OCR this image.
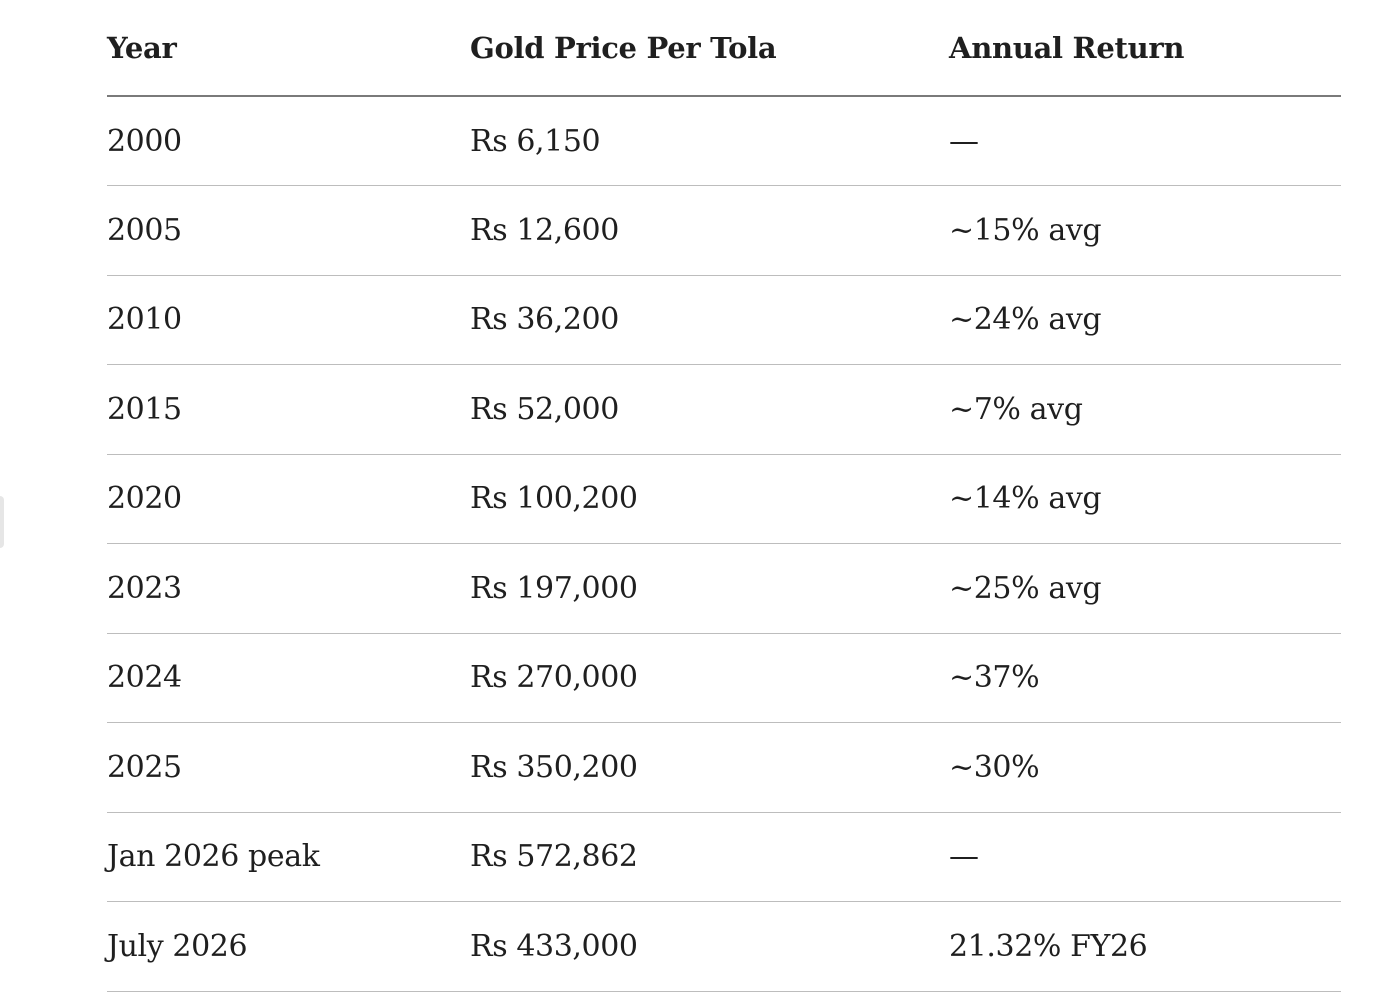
Year	Gold Price Per Tola	Annual Return
2000	Rs 6,150	—
2005	Rs 12,600	~15% avg
2010	Rs 36,200	~24% avg
2015	Rs 52,000	~7% avg
2020	Rs 100,200	~14% avg
2023	Rs 197,000	~25% avg
2024	Rs 270,000	~37%
2025	Rs 350,200	~30%
Jan 2026 peak	Rs 572,862	—
July 2026	Rs 433,000	21.32% FY26
